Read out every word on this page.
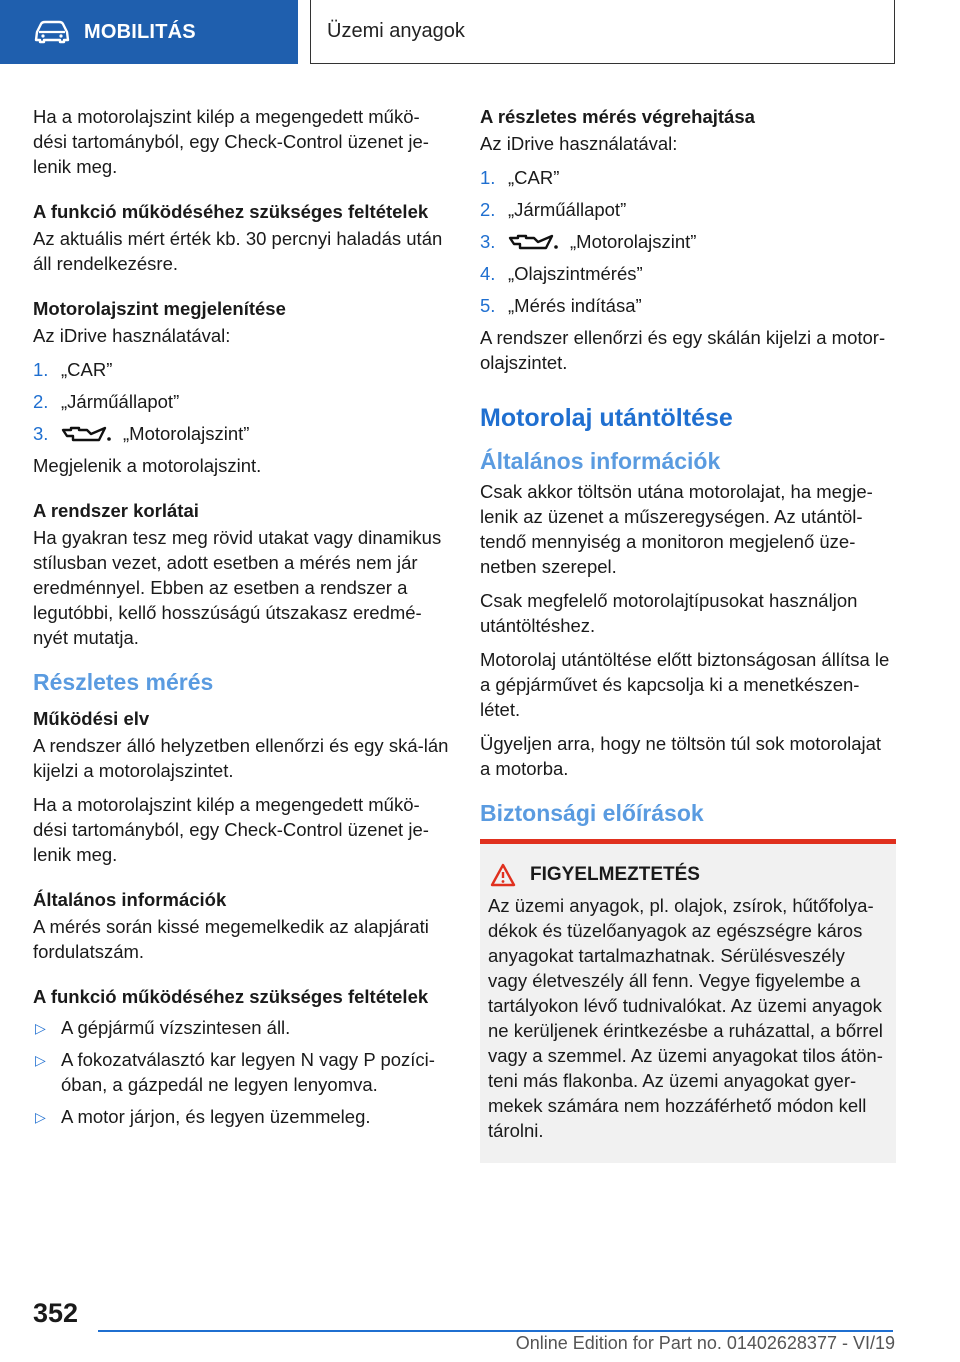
MOBILITÁS	Üzemi anyagok

Ha a motorolajszint kilép a megengedett műkö-dési tartományból, egy Check-Control üzenet je-lenik meg.

A funkció működéséhez szükséges feltételek

Az aktuális mért érték kb. 30 percnyi haladás után áll rendelkezésre.

Motorolajszint megjelenítése

Az iDrive használatával:

1. „CAR”
2. „Járműállapot”
3.	„Motorolajszint”

Megjelenik a motorolajszint.

A rendszer korlátai

Ha gyakran tesz meg rövid utakat vagy dinamikus stílusban vezet, adott esetben a mérés nem jár eredménnyel. Ebben az esetben a rendszer a legutóbbi, kellő hosszúságú útszakasz eredmé-nyét mutatja.

Részletes mérés
Működési elv

A rendszer álló helyzetben ellenőrzi és egy ská-lán kijelzi a motorolajszintet.

Ha a motorolajszint kilép a megengedett műkö-dési tartományból, egy Check-Control üzenet je-lenik meg.

Általános információk

A mérés során kissé megemelkedik az alapjárati fordulatszám.

A funkció működéséhez szükséges feltételek
▷ A gépjármű vízszintesen áll.
▷ A fokozatválasztó kar legyen N vagy P pozíci-óban, a gázpedál ne legyen lenyomva.
▷ A motor járjon, és legyen üzemmeleg.
A részletes mérés végrehajtása

Az iDrive használatával:

1. „CAR”
2. „Járműállapot”
3.	„Motorolajszint”
4. „Olajszintmérés”
5. „Mérés indítása”

A rendszer ellenőrzi és egy skálán kijelzi a motor-olajszintet.

Motorolaj utántöltése
Általános információk

Csak akkor töltsön utána motorolajat, ha megje-lenik az üzenet a műszeregységen. Az utántöl-tendő mennyiség a monitoron megjelenő üze-netben szerepel.

Csak megfelelő motorolajtípusokat használjon utántöltéshez.

Motorolaj utántöltése előtt biztonságosan állítsa le a gépjárművet és kapcsolja ki a menetkészen-létet.

Ügyeljen arra, hogy ne töltsön túl sok motorolajat a motorba.

Biztonsági előírások
FIGYELMEZTETÉS

Az üzemi anyagok, pl. olajok, zsírok, hűtőfolya-dékok és tüzelőanyagok az egészségre káros anyagokat tartalmazhatnak. Sérülésveszély vagy életveszély áll fenn. Vegye figyelembe a tartályokon lévő tudnivalókat. Az üzemi anyagok ne kerüljenek érintkezésbe a ruházattal, a bőrrel vagy a szemmel. Az üzemi anyagokat tilos átön-teni más flakonba. Az üzemi anyagokat gyer-mekek számára nem hozzáférhető módon kell tárolni.

352
Online Edition for Part no. 01402628377 - VI/19
